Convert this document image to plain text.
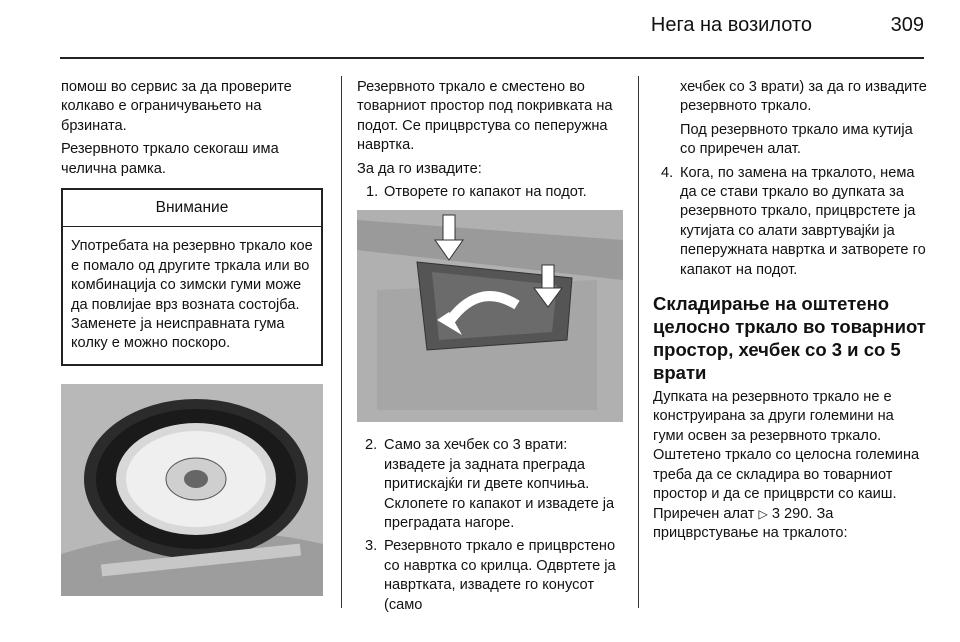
Нега на возилото	309

помош во сервис за да проверите колкаво е ограничувањето на брзината.

Резервното тркало секогаш има челична рамка.

Внимание
Употребата на резервно тркало кое е помало од другите тркала или во комбинација со зимски гуми може да повлијае врз возната состојба. Заменете ја неисправната гума колку е можно поскоро.

Резервното тркало е сместено во товарниот простор под покривката на подот. Се прицврстува со пеперужна навртка.

За да го извадите:

1. Отворете го капакот на подот.
2. Само за хечбек со 3 врати: извадете ја задната преграда притискајќи ги двете копчиња. Склопете го капакот и извадете ја преградата нагоре.
3. Резервното тркало е прицврстено со навртка со крилца. Одвртете ја навртката, извадете го конусот (само

хечбек со 3 врати) за да го извадите резервното тркало.

Под резервното тркало има кутија со приречен алат.

4. Кога, по замена на тркалото, нема да се стави тркало во дупката за резервното тркало, прицврстете ја кутијата со алати завртувајќи ја пеперужната навртка и затворете го капакот на подот.
Складирање на оштетено целосно тркало во товарниот простор, хечбек со 3 и со 5 врати

Дупката на резервното тркало не е конструирана за други големини на гуми освен за резервното тркало. Оштетено тркало со целосна големина треба да се складира во товарниот простор и да се прицврсти со каиш. Приречен алат ▷ 3 290. За прицврстување на тркалото:
